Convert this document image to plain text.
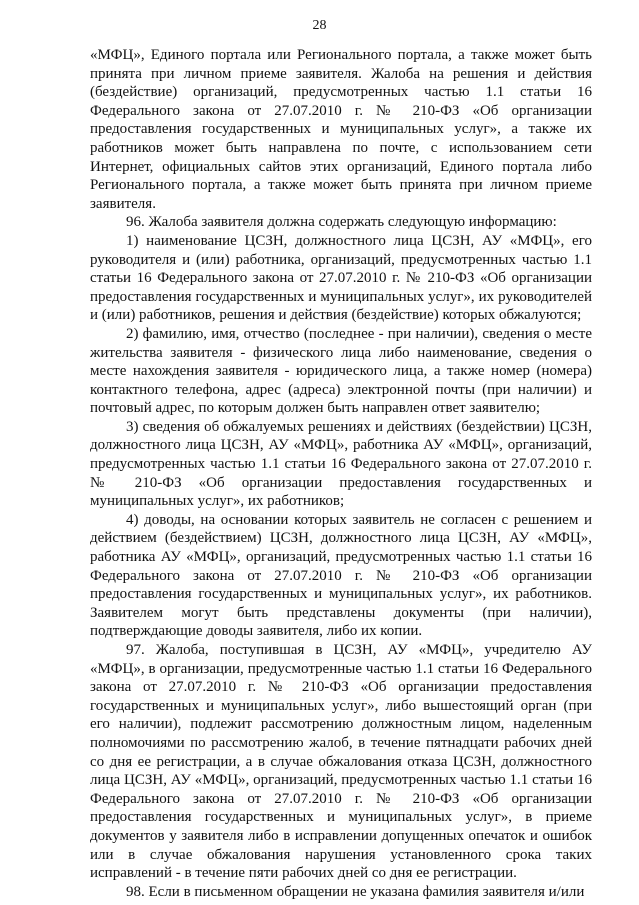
28

«МФЦ», Единого портала или Регионального портала, а также может быть принята при личном приеме заявителя. Жалоба на решения и действия (бездействие) организаций, предусмотренных частью 1.1 статьи 16 Федерального закона от 27.07.2010 г. № 210-ФЗ «Об организации предоставления государственных и муниципальных услуг», а также их работников может быть направлена по почте, с использованием сети Интернет, официальных сайтов этих организаций, Единого портала либо Регионального портала, а также может быть принята при личном приеме заявителя.

96. Жалоба заявителя должна содержать следующую информацию:

1) наименование ЦСЗН, должностного лица ЦСЗН, АУ «МФЦ», его руководителя и (или) работника, организаций, предусмотренных частью 1.1 статьи 16 Федерального закона от 27.07.2010 г. № 210-ФЗ «Об организации предоставления государственных и муниципальных услуг», их руководителей и (или) работников, решения и действия (бездействие) которых обжалуются;

2) фамилию, имя, отчество (последнее - при наличии), сведения о месте жительства заявителя - физического лица либо наименование, сведения о месте нахождения заявителя - юридического лица, а также номер (номера) контактного телефона, адрес (адреса) электронной почты (при наличии) и почтовый адрес, по которым должен быть направлен ответ заявителю;

3) сведения об обжалуемых решениях и действиях (бездействии) ЦСЗН, должностного лица ЦСЗН, АУ «МФЦ», работника АУ «МФЦ», организаций, предусмотренных частью 1.1 статьи 16 Федерального закона от 27.07.2010 г. № 210-ФЗ «Об организации предоставления государственных и муниципальных услуг», их работников;

4) доводы, на основании которых заявитель не согласен с решением и действием (бездействием) ЦСЗН, должностного лица ЦСЗН, АУ «МФЦ», работника АУ «МФЦ», организаций, предусмотренных частью 1.1 статьи 16 Федерального закона от 27.07.2010 г. № 210-ФЗ «Об организации предоставления государственных и муниципальных услуг», их работников. Заявителем могут быть представлены документы (при наличии), подтверждающие доводы заявителя, либо их копии.

97. Жалоба, поступившая в ЦСЗН, АУ «МФЦ», учредителю АУ «МФЦ», в организации, предусмотренные частью 1.1 статьи 16 Федерального закона от 27.07.2010 г. № 210-ФЗ «Об организации предоставления государственных и муниципальных услуг», либо вышестоящий орган (при его наличии), подлежит рассмотрению должностным лицом, наделенным полномочиями по рассмотрению жалоб, в течение пятнадцати рабочих дней со дня ее регистрации, а в случае обжалования отказа ЦСЗН, должностного лица ЦСЗН, АУ «МФЦ», организаций, предусмотренных частью 1.1 статьи 16 Федерального закона от 27.07.2010 г. № 210-ФЗ «Об организации предоставления государственных и муниципальных услуг», в приеме документов у заявителя либо в исправлении допущенных опечаток и ошибок или в случае обжалования нарушения установленного срока таких исправлений - в течение пяти рабочих дней со дня ее регистрации.

98. Если в письменном обращении не указана фамилия заявителя и/или
